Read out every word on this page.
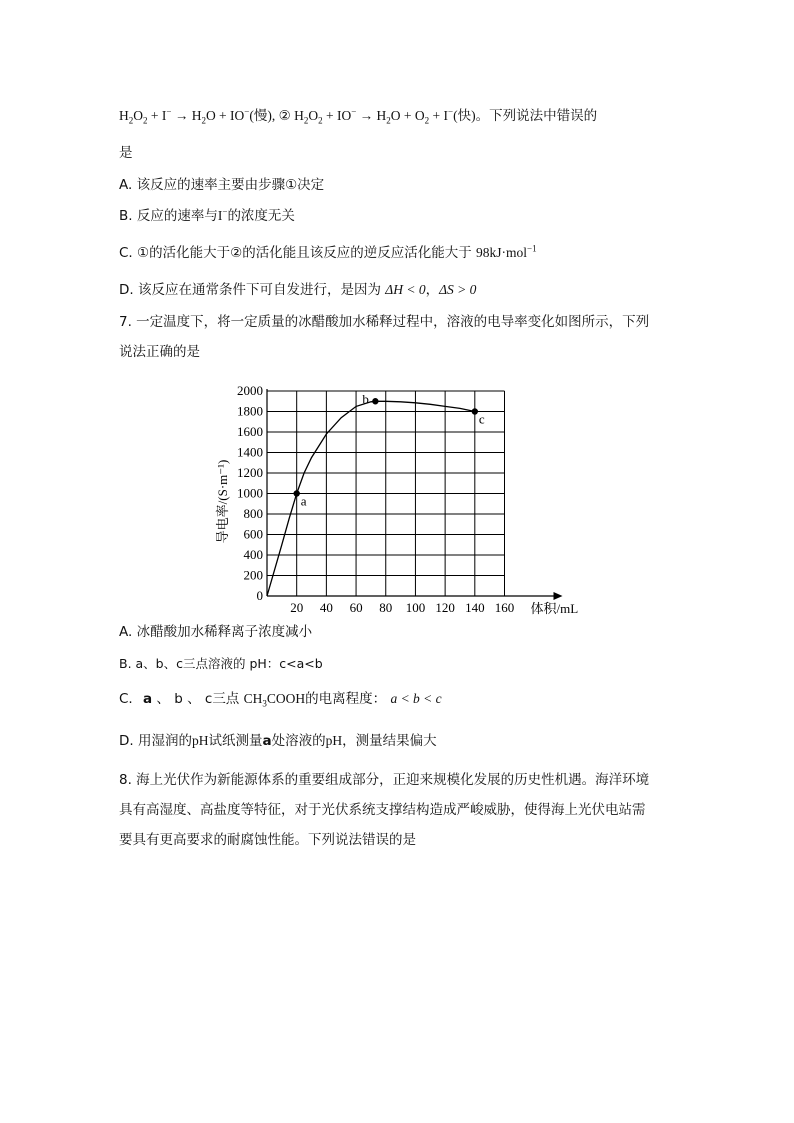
$H_2O_2 + I^- \to H_2O + IO^-$(慢), ② $H_2O_2 + IO^- \to H_2O + O_2 + I^-$(快)。下列说法中错误的
是
A. 该反应的速率主要由步骤①决定
B. 反应的速率与I−的浓度无关
C. ①的活化能大于②的活化能且该反应的逆反应活化能大于 98kJ·mol$^{-1}$
D. 该反应在通常条件下可自发进行，是因为 ΔH < 0，ΔS > 0
7. 一定温度下，将一定质量的冰醋酸加水稀释过程中，溶液的电导率变化如图所示，下列
说法正确的是
0
200
400
600
800
1000
1200
1400
1600
1800
2000
20 40 60 80 100 120 140 160 体积/mL
导电率/(S·m⁻¹)	a
b
c
A. 冰醋酸加水稀释离子浓度减小
B. a、b、c三点溶液的 pH：c<a<b
C. a 、 b 、 c三点 $CH_3COOH$的电离程度： a < b < c
D. 用湿润的pH试纸测量a处溶液的pH，测量结果偏大
8. 海上光伏作为新能源体系的重要组成部分，正迎来规模化发展的历史性机遇。海洋环境
具有高湿度、高盐度等特征，对于光伏系统支撑结构造成严峻威胁，使得海上光伏电站需
要具有更高要求的耐腐蚀性能。下列说法错误的是
